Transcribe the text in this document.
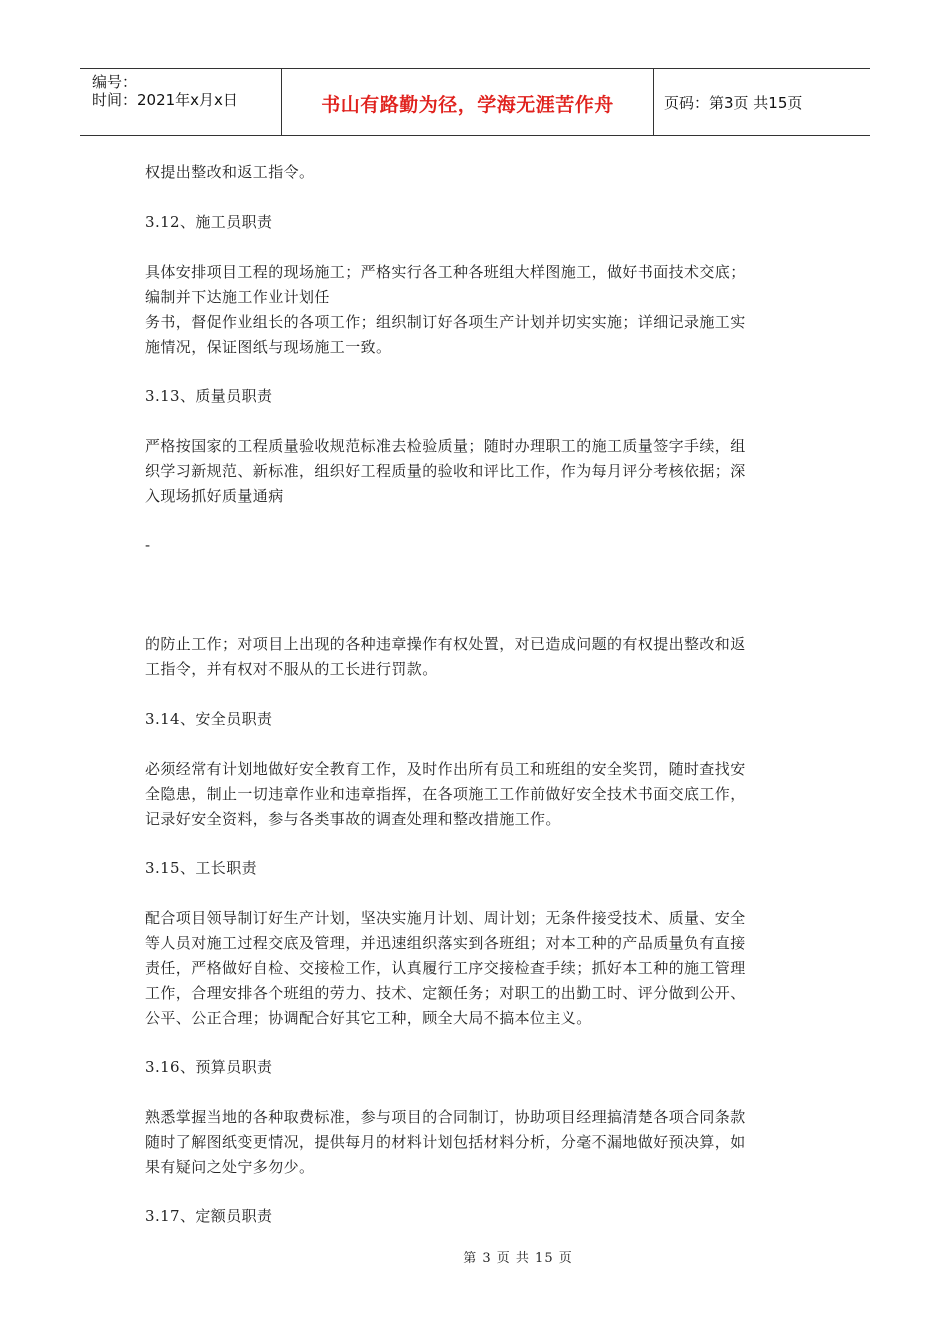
编号：
时间：2021年x月x日	书山有路勤为径，学海无涯苦作舟	页码：第3页 共15页
权提出整改和返工指令。
3.12、施工员职责
具体安排项目工程的现场施工；严格实行各工种各班组大样图施工，做好书面技术交底；
编制并下达施工作业计划任
务书，督促作业组长的各项工作；组织制订好各项生产计划并切实实施；详细记录施工实
施情况，保证图纸与现场施工一致。
3.13、质量员职责
严格按国家的工程质量验收规范标准去检验质量；随时办理职工的施工质量签字手续，组
织学习新规范、新标准，组织好工程质量的验收和评比工作，作为每月评分考核依据；深
入现场抓好质量通病
-
的防止工作；对项目上出现的各种违章操作有权处置，对已造成问题的有权提出整改和返
工指令，并有权对不服从的工长进行罚款。
3.14、安全员职责
必须经常有计划地做好安全教育工作，及时作出所有员工和班组的安全奖罚，随时查找安
全隐患，制止一切违章作业和违章指挥，在各项施工工作前做好安全技术书面交底工作，
记录好安全资料，参与各类事故的调查处理和整改措施工作。
3.15、工长职责
配合项目领导制订好生产计划，坚决实施月计划、周计划；无条件接受技术、质量、安全
等人员对施工过程交底及管理，并迅速组织落实到各班组；对本工种的产品质量负有直接
责任，严格做好自检、交接检工作，认真履行工序交接检查手续；抓好本工种的施工管理
工作，合理安排各个班组的劳力、技术、定额任务；对职工的出勤工时、评分做到公开、
公平、公正合理；协调配合好其它工种，顾全大局不搞本位主义。
3.16、预算员职责
熟悉掌握当地的各种取费标准，参与项目的合同制订，协助项目经理搞清楚各项合同条款
随时了解图纸变更情况，提供每月的材料计划包括材料分析，分毫不漏地做好预决算，如
果有疑问之处宁多勿少。
3.17、定额员职责
第 3 页 共 15 页
